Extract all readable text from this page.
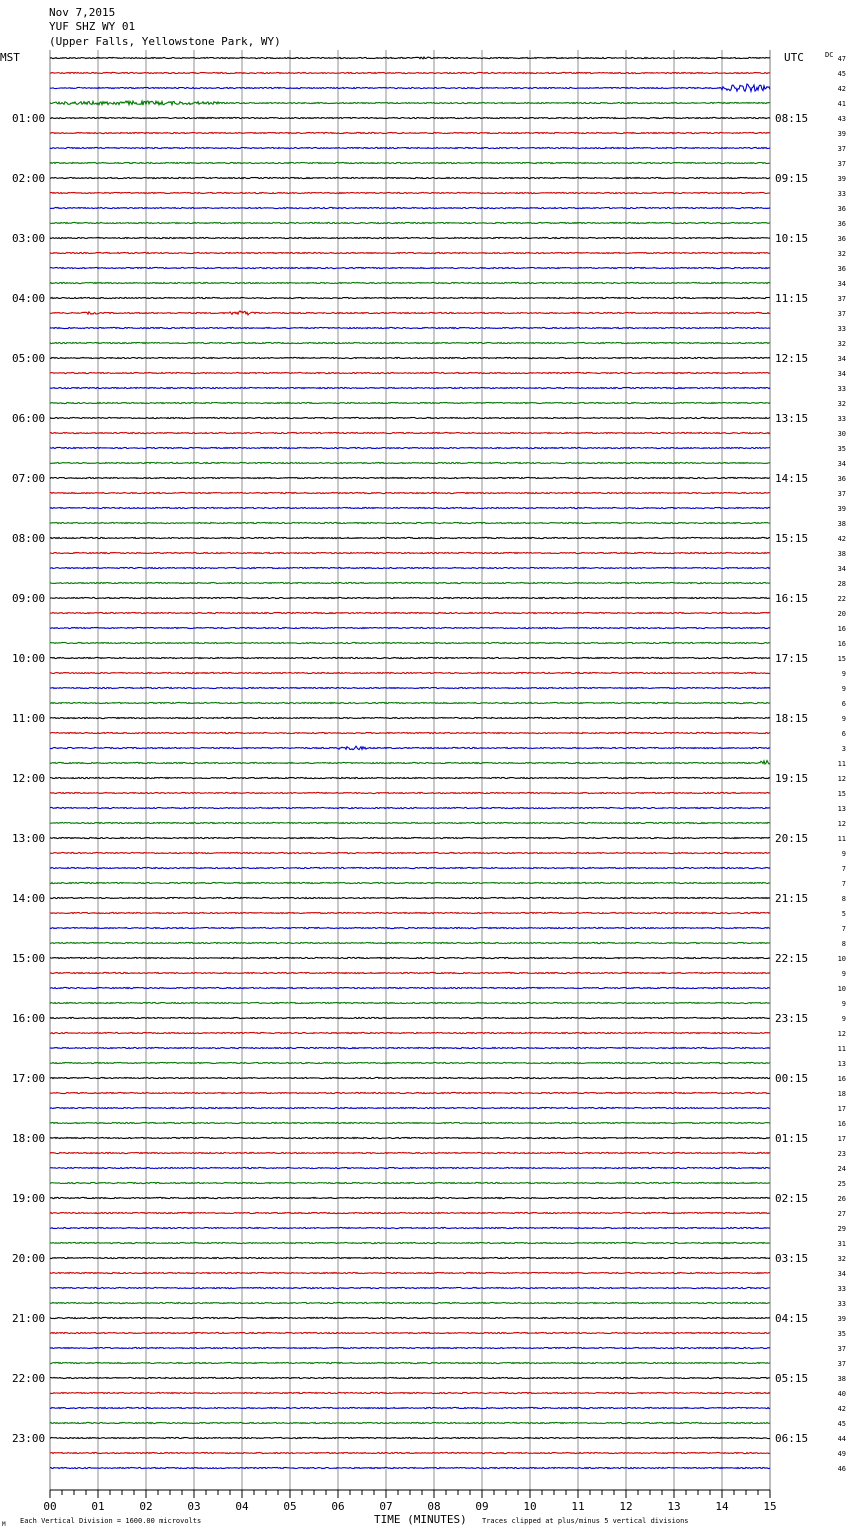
01:00
02:00
03:00
04:00
05:00
06:00
07:00
08:00
09:00
10:00
11:00
12:00
13:00
14:00
15:00
16:00
17:00
18:00
19:00
20:00
21:00
22:00
23:00
08:15
09:15
10:15
11:15
12:15
13:15
14:15
15:15
16:15
17:15
18:15
19:15
20:15
21:15
22:15
23:15
00:15
01:15
02:15
03:15
04:15
05:15
06:15
47
45
42
41
43
39
37
37
39
33
36
36
36
32
36
34
37
37
33
32
34
34
33
32
33
30
35
34
36
37
39
38
42
38
34
28
22
20
16
16
15
9
9
6
9
6
3
11
12
15
13
12
11
9
7
7
8
5
7
8
10
9
10
9
9
12
11
13
16
18
17
16
17
23
24
25
26
27
29
31
32
34
33
33
39
35
37
37
38
40
42
45
44
49
46
00	01	02	03	04	05	06	07	08	09	10	11	12	13	14	15
Nov 7,2015
YUF SHZ WY 01
(Upper Falls, Yellowstone Park, WY)
MST	UTC	DC
TIME (MINUTES)
Each Vertical Division = 1600.00 microvolts	Traces clipped at plus/minus 5 vertical divisions
M
